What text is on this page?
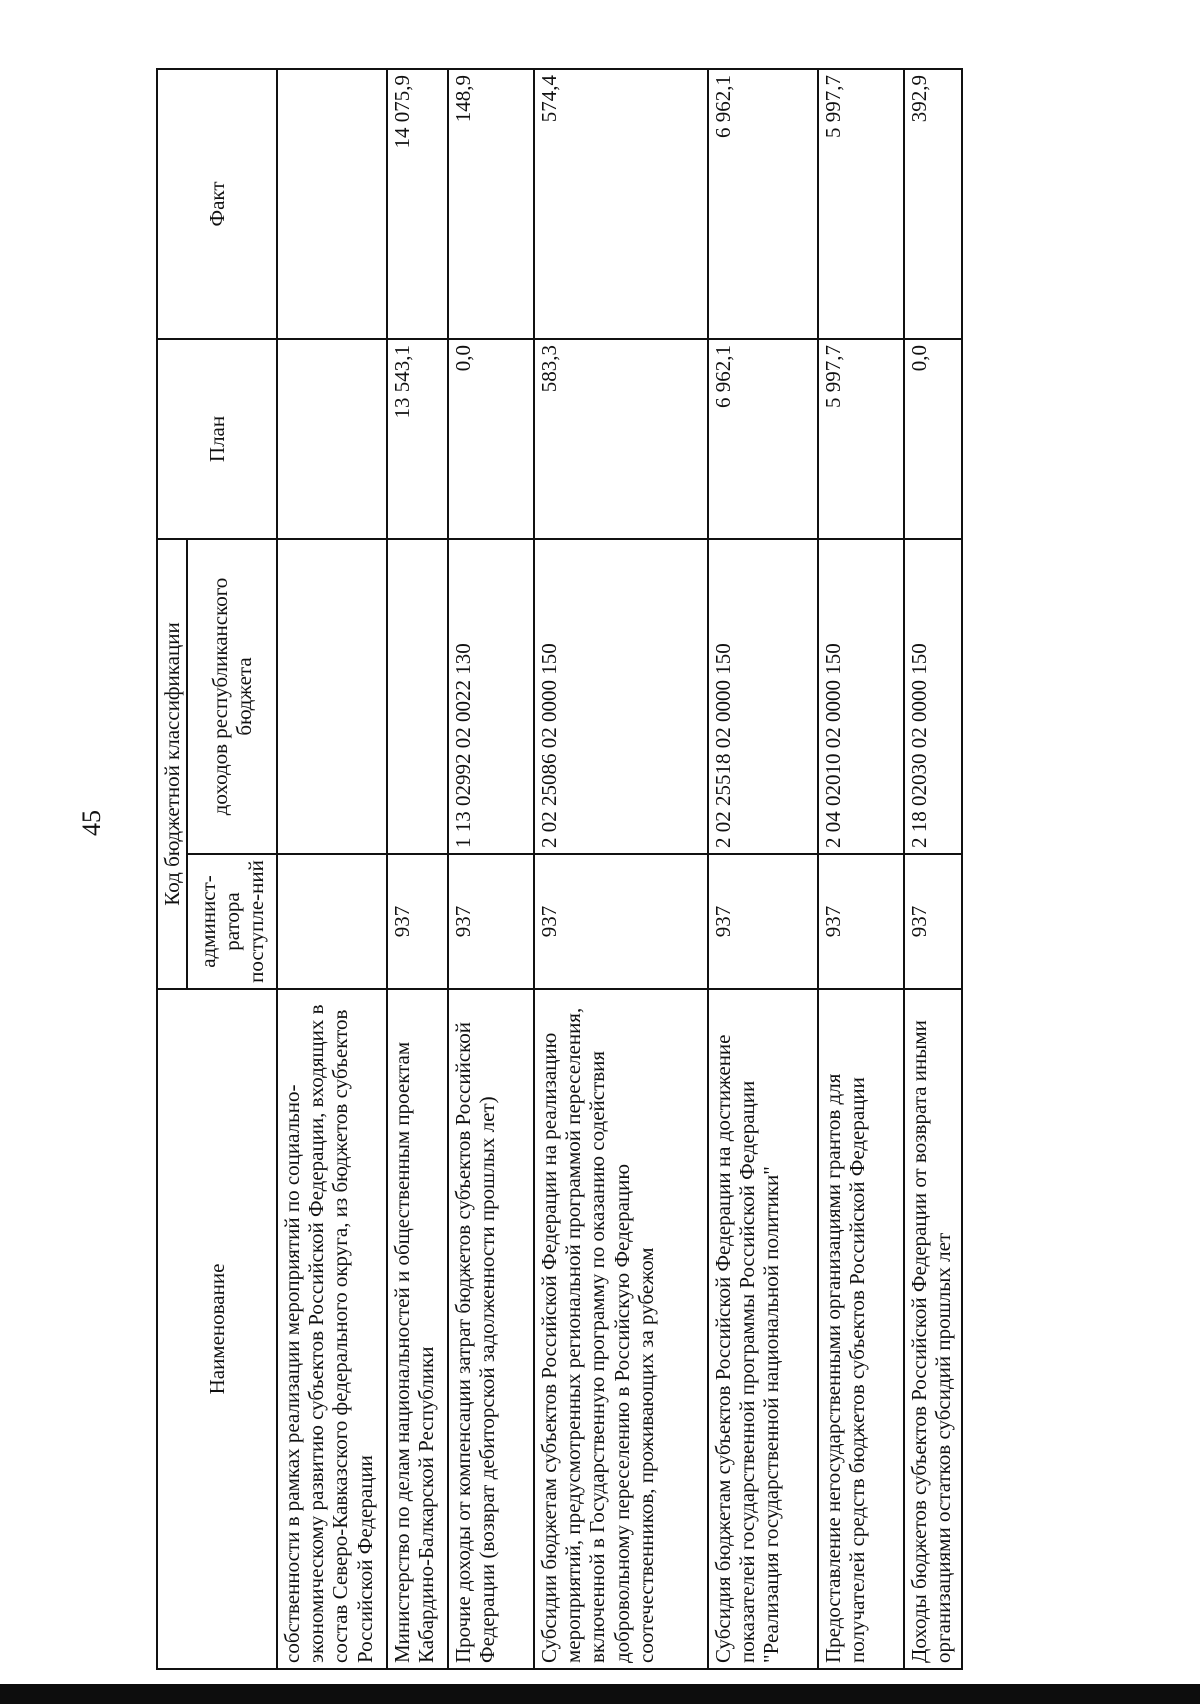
45
Наименование	Код бюджетной классификации		План	Факт
	админист-ратора поступле-ний	доходов республиканского бюджета		
собственности в рамках реализации мероприятий по социально-экономическому развитию субъектов Российской Федерации, входящих в состав Северо-Кавказского федерального округа, из бюджетов субъектов Российской Федерации				
Министерство по делам национальностей и общественным проектам Кабардино-Балкарской Республики	937		13 543,1	14 075,9
Прочие доходы от компенсации затрат бюджетов субъектов Российской Федерации (возврат дебиторской задолженности прошлых лет)	937	1 13 02992 02 0022 130	0,0	148,9
Субсидии бюджетам субъектов Российской Федерации на реализацию мероприятий, предусмотренных региональной программой переселения, включенной в Государственную программу по оказанию содействия добровольному переселению в Российскую Федерацию соотечественников, проживающих за рубежом	937	2 02 25086 02 0000 150	583,3	574,4
Субсидия бюджетам субъектов Российской Федерации на достижение показателей государственной программы Российской Федерации "Реализация государственной национальной политики"	937	2 02 25518 02 0000 150	6 962,1	6 962,1
Предоставление негосударственными организациями грантов для получателей средств бюджетов субъектов Российской Федерации	937	2 04 02010 02 0000 150	5 997,7	5 997,7
Доходы бюджетов субъектов Российской Федерации от возврата иными организациями остатков субсидий прошлых лет	937	2 18 02030 02 0000 150	0,0	392,9
